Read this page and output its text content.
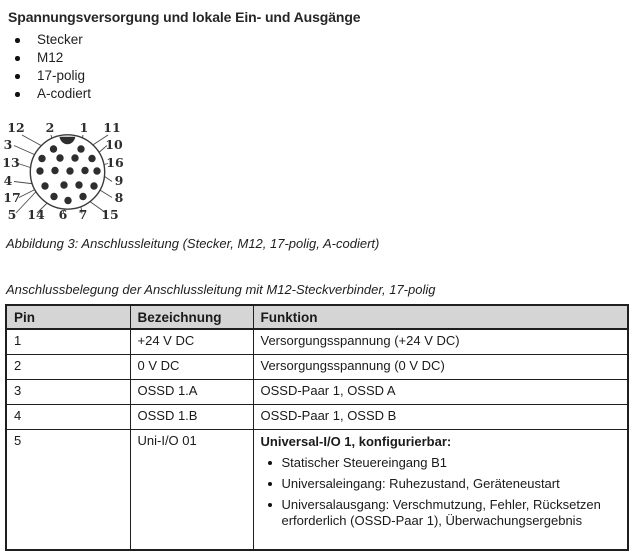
Spannungsversorgung und lokale Ein- und Ausgänge
Stecker
M12
17-polig
A-codiert
12 2 1 11
3	10
13	16
4	9
17	8
5 14 6 7 15
Abbildung 3: Anschlussleitung (Stecker, M12, 17-polig, A-codiert)
Anschlussbelegung der Anschlussleitung mit M12-Steckverbinder, 17-polig
Pin	Bezeichnung	Funktion
1	+24 V DC	Versorgungsspannung (+24 V DC)
2	0 V DC	Versorgungsspannung (0 V DC)
3	OSSD 1.A	OSSD-Paar 1, OSSD A
4	OSSD 1.B	OSSD-Paar 1, OSSD B
5	Uni-I/O 01	Universal-I/O 1, konfigurierbar:
Statischer Steuereingang B1
Universaleingang: Ruhezustand, Geräteneustart
Universalausgang: Verschmutzung, Fehler, Rücksetzen erforderlich (OSSD-Paar 1), Überwachungsergebnis
